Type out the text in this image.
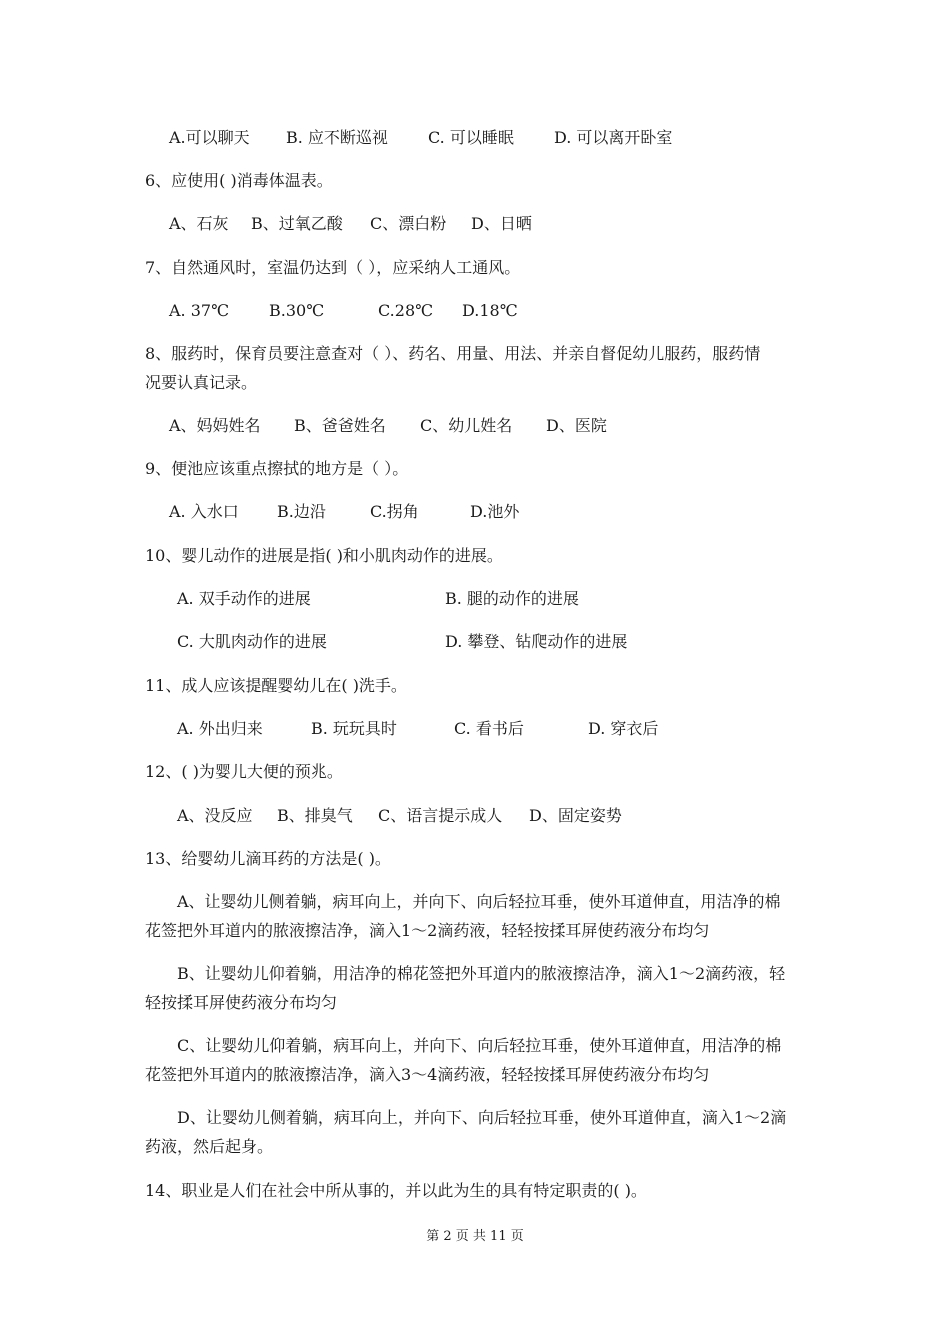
A.可以聊天 B. 应不断巡视	C. 可以睡眠	D. 可以离开卧室
6、应使用( )消毒体温表。
A、石灰 B、过氧乙酸 C、漂白粉 D、日晒
7、自然通风时，室温仍达到（ ），应采纳人工通风。
A. 37℃	B.30℃	C.28℃ D.18℃
8、服药时，保育员要注意查对（ ）、药名、用量、用法、并亲自督促幼儿服药，服药情
况要认真记录。
A、妈妈姓名 B、爸爸姓名 C、幼儿姓名 D、医院
9、便池应该重点擦拭的地方是（ ）。
A. 入水口 B.边沿	C.拐角	D.池外
10、婴儿动作的进展是指( )和小肌肉动作的进展。
A. 双手动作的进展	B. 腿的动作的进展
C. 大肌肉动作的进展	D. 攀登、钻爬动作的进展
11、成人应该提醒婴幼儿在( )洗手。
A. 外出归来	B. 玩玩具时	C. 看书后	D. 穿衣后
12、( )为婴儿大便的预兆。
A、没反应 B、排臭气 C、语言提示成人 D、固定姿势
13、给婴幼儿滴耳药的方法是( )。
A、让婴幼儿侧着躺，病耳向上，并向下、向后轻拉耳垂，使外耳道伸直，用洁净的棉
花签把外耳道内的脓液擦洁净，滴入1～2滴药液，轻轻按揉耳屏使药液分布均匀
B、让婴幼儿仰着躺，用洁净的棉花签把外耳道内的脓液擦洁净，滴入1～2滴药液，轻
轻按揉耳屏使药液分布均匀
C、让婴幼儿仰着躺，病耳向上，并向下、向后轻拉耳垂，使外耳道伸直，用洁净的棉
花签把外耳道内的脓液擦洁净，滴入3～4滴药液，轻轻按揉耳屏使药液分布均匀
D、让婴幼儿侧着躺，病耳向上，并向下、向后轻拉耳垂，使外耳道伸直，滴入1～2滴
药液，然后起身。
14、职业是人们在社会中所从事的，并以此为生的具有特定职责的( )。
第 2 页 共 11 页
